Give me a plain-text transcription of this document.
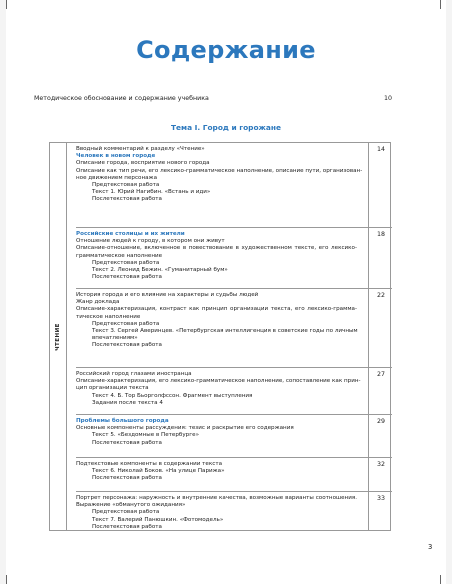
Содержание
Методическое обоснование и содержание учебника	10
Тема I. Город и горожане
ЧТЕНИЕ
Вводный комментарий к разделу «Чтение»
Человек в новом городе
Описание города, восприятие нового города
Описание как тип речи, его лексико-грамматическое наполнение, описание пути, организован-
ное движением персонажа
Предтекстовая работа
Текст 1. Юрий Нагибин. «Встань и иди»
Послетекстовая работа
14
Российские столицы и их жители
Отношение людей к городу, в котором они живут
Описание-отношение, включенное в повествование в художественном тексте, его лексико-
грамматическое наполнение
Предтекстовая работа
Текст 2. Леонид Бежин. «Гуманитарный бум»
Послетекстовая работа
18
История города и его влияние на характеры и судьбы людей
Жанр доклада
Описание-характеризация, контраст как принцип организации текста, его лексико-граммa-
тическое наполнение
Предтекстовая работа
Текст 3. Сергей Аверинцев. «Петербургская интеллигенция в советские годы по личным
впечатлениям»
Послетекстовая работа
22
Российский город глазами иностранца
Описание-характеризация, его лексико-грамматическое наполнение, сопоставление как прин-
цип организации текста
Текст 4. Б. Тор Бьорголфссон. Фрагмент выступления
Задания после текста 4
27
Проблемы большого города
Основные компоненты рассуждения: тезис и раскрытие его содержания
Текст 5. «Бездомные в Петербурге»
Послетекстовая работа
29
Подтекстовые компоненты в содержании текста
Текст 6. Николай Боков. «На улице Парижа»
Послетекстовая работа
32
Портрет персонажа: наружность и внутренние качества, возможные варианты соотношения.
Выражение «обманутого ожидания»
Предтекстовая работа
Текст 7. Валерий Панюшкин. «Фотомодель»
Послетекстовая работа
33
3
